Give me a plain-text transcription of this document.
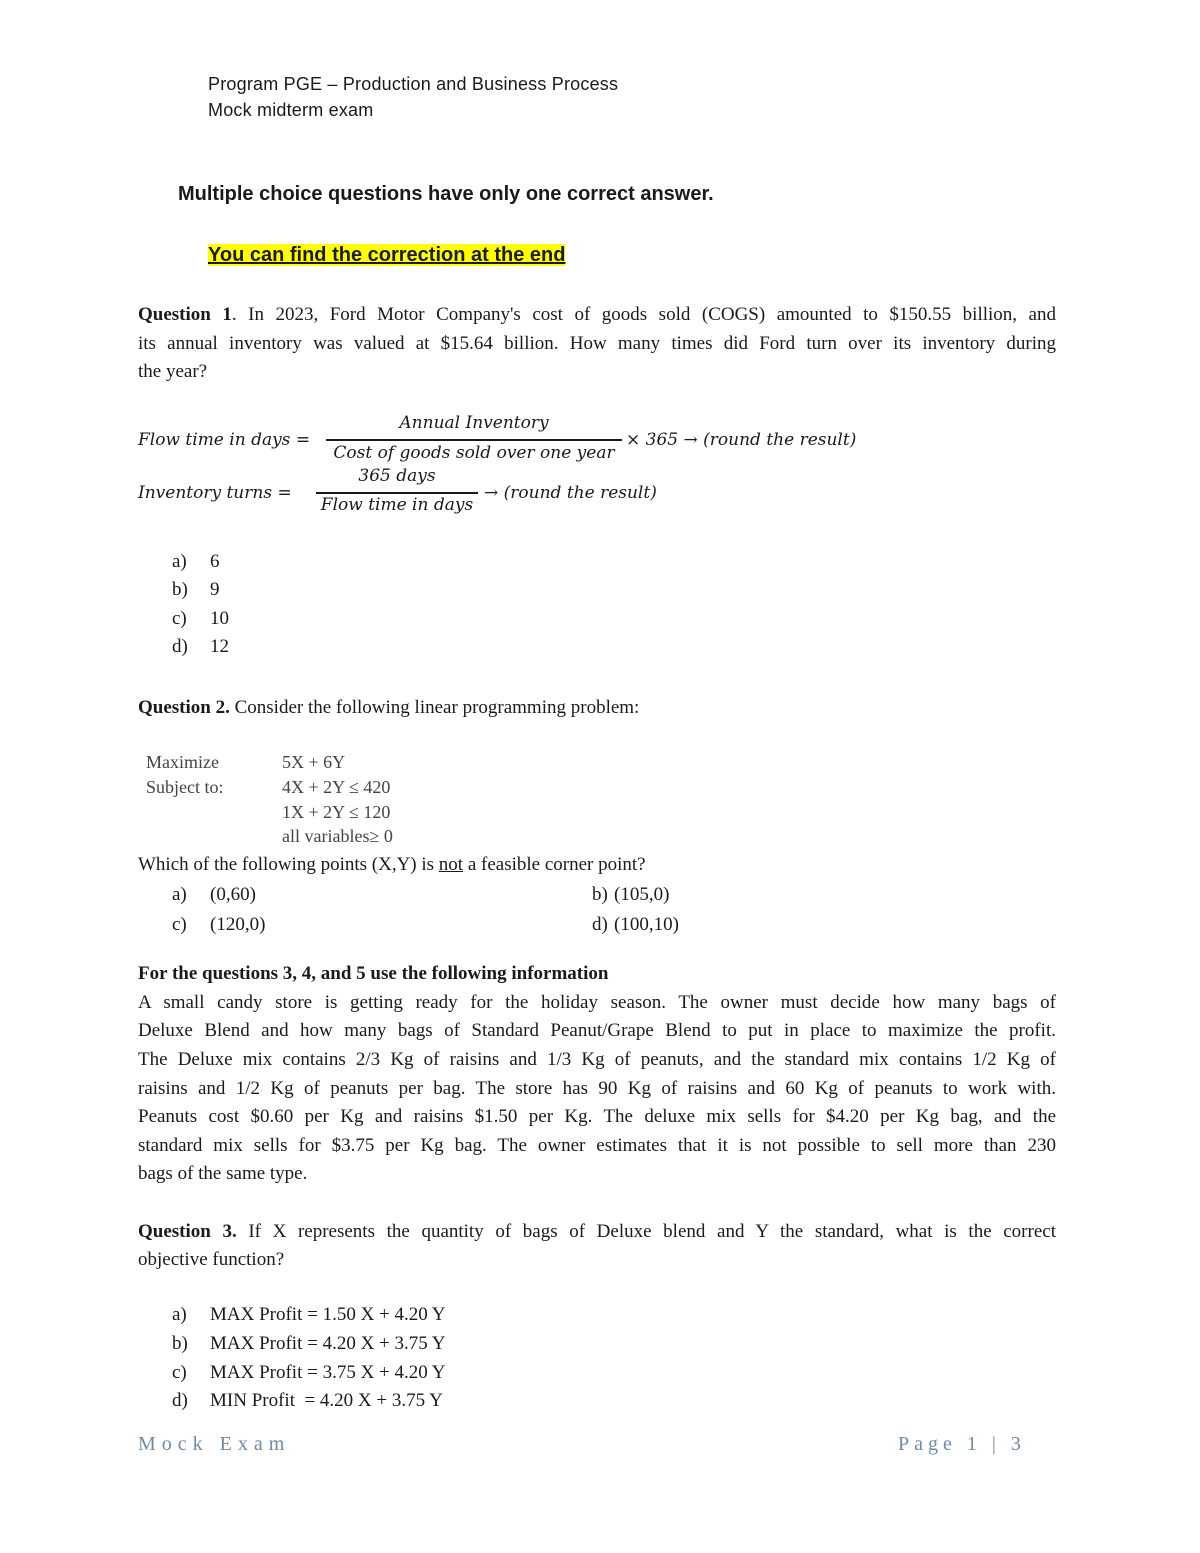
Program PGE – Production and Business Process
Mock midterm exam
Multiple choice questions have only one correct answer.
You can find the correction at the end
Question 1. In 2023, Ford Motor Company's cost of goods sold (COGS) amounted to $150.55 billion, and
its annual inventory was valued at $15.64 billion. How many times did Ford turn over its inventory during
the year?
Flow time in days =
Annual Inventory
Cost of goods sold over one year
× 365 → (round the result)
Inventory turns =
365 days
Flow time in days
→ (round the result)
a) 6
b) 9
c) 10
d) 12
Question 2. Consider the following linear programming problem:
Maximize	5X + 6Y
Subject to:	4X + 2Y ≤ 420
1X + 2Y ≤ 120
all variables≥ 0
Which of the following points (X,Y) is not a feasible corner point?
a) (0,60)	b) (105,0)
c) (120,0)	d) (100,10)
For the questions 3, 4, and 5 use the following information
A small candy store is getting ready for the holiday season. The owner must decide how many bags of
Deluxe Blend and how many bags of Standard Peanut/Grape Blend to put in place to maximize the profit.
The Deluxe mix contains 2/3 Kg of raisins and 1/3 Kg of peanuts, and the standard mix contains 1/2 Kg of
raisins and 1/2 Kg of peanuts per bag. The store has 90 Kg of raisins and 60 Kg of peanuts to work with.
Peanuts cost $0.60 per Kg and raisins $1.50 per Kg. The deluxe mix sells for $4.20 per Kg bag, and the
standard mix sells for $3.75 per Kg bag. The owner estimates that it is not possible to sell more than 230
bags of the same type.
Question 3. If X represents the quantity of bags of Deluxe blend and Y the standard, what is the correct
objective function?
a) MAX Profit = 1.50 X + 4.20 Y
b) MAX Profit = 4.20 X + 3.75 Y
c) MAX Profit = 3.75 X + 4.20 Y
d) MIN Profit  = 4.20 X + 3.75 Y
Mock Exam	Page 1 | 3
